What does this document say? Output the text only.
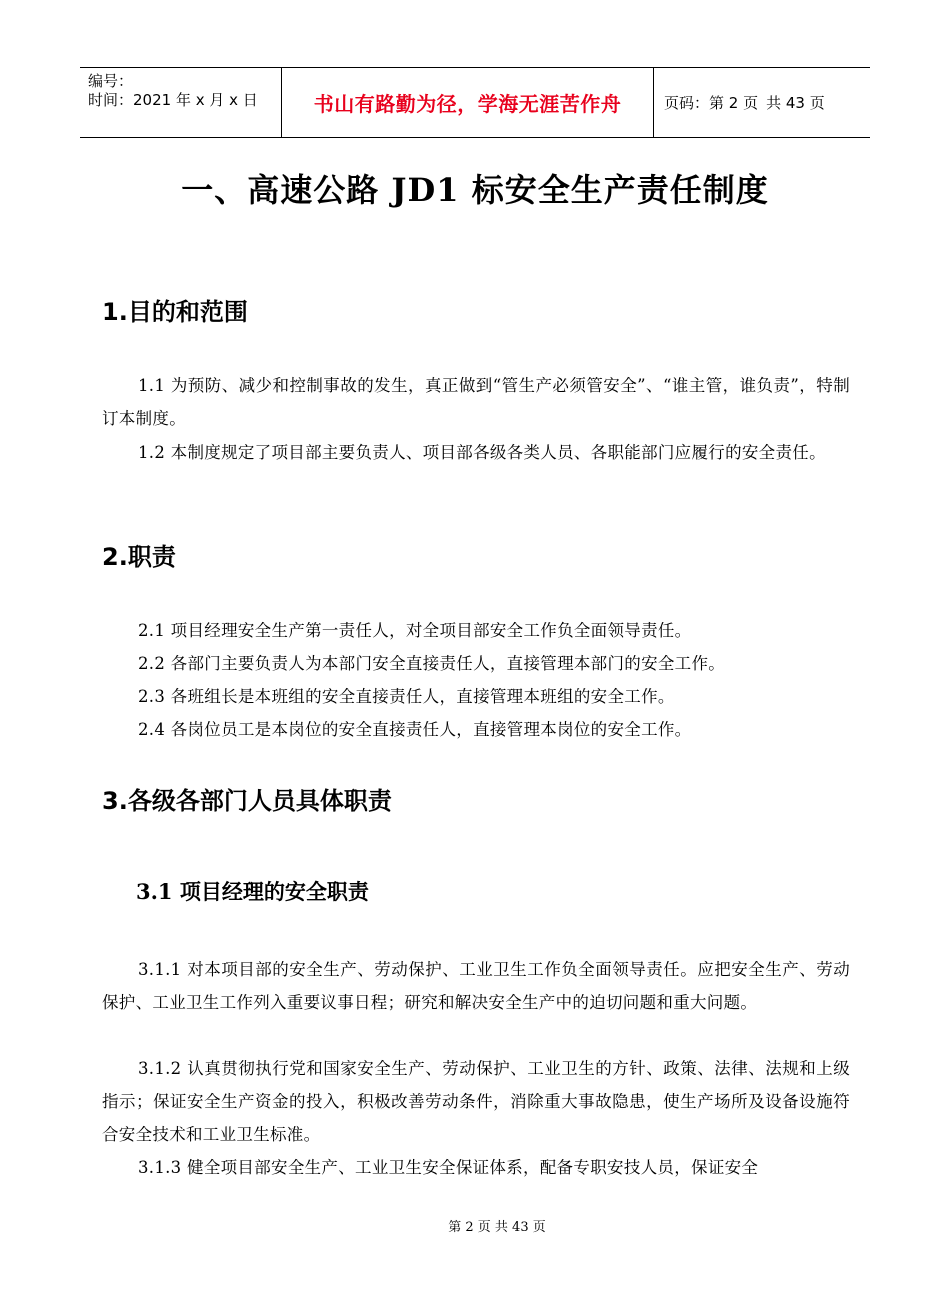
编号：
时间：2021 年 x 月 x 日	书山有路勤为径，学海无涯苦作舟	页码：第 2 页 共 43 页
一、高速公路 JD1 标安全生产责任制度
1.目的和范围
1.1 为预防、减少和控制事故的发生，真正做到“管生产必须管安全”、“谁主管，谁负责”，特制订本制度。
1.2 本制度规定了项目部主要负责人、项目部各级各类人员、各职能部门应履行的安全责任。
2.职责
2.1 项目经理安全生产第一责任人，对全项目部安全工作负全面领导责任。
2.2 各部门主要负责人为本部门安全直接责任人，直接管理本部门的安全工作。
2.3 各班组长是本班组的安全直接责任人，直接管理本班组的安全工作。
2.4 各岗位员工是本岗位的安全直接责任人，直接管理本岗位的安全工作。
3.各级各部门人员具体职责
3.1 项目经理的安全职责
3.1.1 对本项目部的安全生产、劳动保护、工业卫生工作负全面领导责任。应把安全生产、劳动保护、工业卫生工作列入重要议事日程；研究和解决安全生产中的迫切问题和重大问题。
3.1.2 认真贯彻执行党和国家安全生产、劳动保护、工业卫生的方针、政策、法律、法规和上级指示；保证安全生产资金的投入，积极改善劳动条件，消除重大事故隐患，使生产场所及设备设施符合安全技术和工业卫生标准。
3.1.3 健全项目部安全生产、工业卫生安全保证体系，配备专职安技人员，保证安全
第 2 页 共 43 页
